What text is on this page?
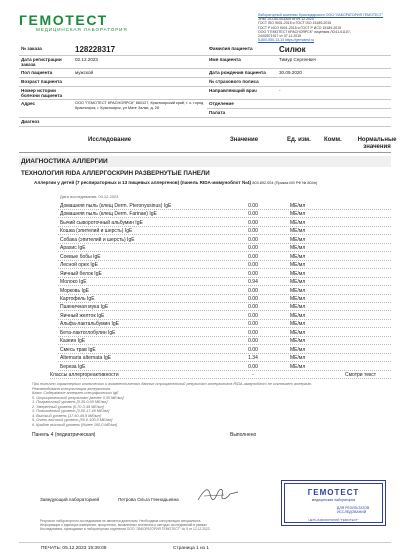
ГЕМОТЕСТ
МЕДИЦИНСКАЯ ЛАБОРАТОРИЯ
Лабораторный комплекс Краснодарского ООО "ЛАБОРАТОРИЯ ГЕМОТЕСТ"
ЭЛЬТ-ЛО-50-003309 от 09.12.2020
ГОСТ ISO 9001-2015 и ГОСТ ISO 15189-2015
ГОСТ Р ИСО 9001-2015 и ГОСТ Р ИСО 15189-2015
ООО "ГЕМОТЕСТ КРАСНОЯРСК" лицензия ЛО41-01107-
24/00571917 от 07.11.2019
8-800-550-13-13 https://gemotest.ru
№ заказа	128228317	Фамилия пациента	Силюк
Дата регистрации заказа	02.12.2023	Имя пациента	Тимур Сергеевич
Пол пациента	мужской	Дата рождения пациента	30.09.2020
Возраст пациента		№ страхового полиса	
Номер истории болезни пациента		Направляющий врач	-
Адрес	ООО "ГЕМОТЕСТ КРАСНОЯРСК" 660127, Красноярский край, г. о. город Красноярск, г. Красноярск, ул Мате Залки, д. 28	Отделение	
		Палата	
Диагноз			
Исследование	Значение	Ед. изм. Комм.	Нормальные значения
ДИАГНОСТИКА АЛЛЕРГИИ
ТЕХНОЛОГИЯ RIDA АЛЛЕРГОСКРИН РАЗВЕРНУТЫЕ ПАНЕЛИ
Аллергии у детей (7 респираторных и 13 пищевых аллергенов) (панель RIDA-иммуноблот №4) 803.892.004 (Приказ МЗ РФ № 804н)
Дата исследования: 04.12.2023
Домашняя пыль (клещ Derm. Pteronyssinus) IgE	0.00	МЕ/мл
Домашняя пыль (клещ Derm. Farinae) IgE	0.00	МЕ/мл
Бычий сывороточный альбумин IgE	0.00	МЕ/мл
Кошка (эпителий и шерсть) IgE	0.00	МЕ/мл
Собака (эпителий и шерсть) IgE	0.00	МЕ/мл
Арахис IgE	0.00	МЕ/мл
Соевые бобы IgE	0.00	МЕ/мл
Лесной орех IgE	0.00	МЕ/мл
Яичный белок IgE	0.00	МЕ/мл
Молоко IgE	0.94	МЕ/мл
Морковь IgE	0.00	МЕ/мл
Картофель IgE	0.00	МЕ/мл
Пшеничная мука IgE	0.00	МЕ/мл
Яичный желток IgE	0.00	МЕ/мл
Альфа-лактальбумин IgE	0.00	МЕ/мл
Бета-лактоглобулин IgE	0.00	МЕ/мл
Казеин IgE	0.00	МЕ/мл
Смесь трав IgE	0.00	МЕ/мл
Alternaria alternata IgE	1.34	МЕ/мл
Береза IgE	0.00	МЕ/мл
Классы аллергореактивности	-	Смотри текст
При типично характерных клинических и анамнестических данных отрицательный результат аллергологов RIDA-иммуноблот не исключает аллергию.
Рекомендована консультация аллерголога.
Класс Содержание аллерген-специфических IgE
0. Отрицательный результат [менее 0,35 МЕ/мл]
1. Пограничный уровень [0,35-0,69 МЕ/мл]
2. Умеренный уровень [0,70-3,49 МЕ/мл]
3. Повышенный уровень [3,50-17,49 МЕ/мл]
4. Высокий уровень [17,50-49,9 МЕ/мл]
5. Очень высокий уровень [50,0-100,0 МЕ/мл]
6. Крайне высокий уровень [более 100,0 МЕ/мл]
Панель 4 (педиатрическая)	Выполнено
Заведующий лабораторией	Петрова Ольга Геннадьевна
ГЕМОТЕСТ
медицинская лаборатория
ДЛЯ РЕЗУЛЬТАТОВ
ИССЛЕДОВАНИЙ
ЦЕТЬ ЛАБОРАТОРИЙ "ГЕМОТЕСТ"
Результат лабораторного исследования не является диагнозом. Необходима консультация специалиста.
Информация о единицах измерения, процентных, выявленных значениях и методах исследований в рамках
Исследования, проводимые в лабораторном отделении ООО "ЛАБОРАТОРИЯ ГЕМОТЕСТ" № 9 от 12.12.2023
ПЕЧАТЬ: 05.12.2023 19:39:09	Страница 1 из 1
